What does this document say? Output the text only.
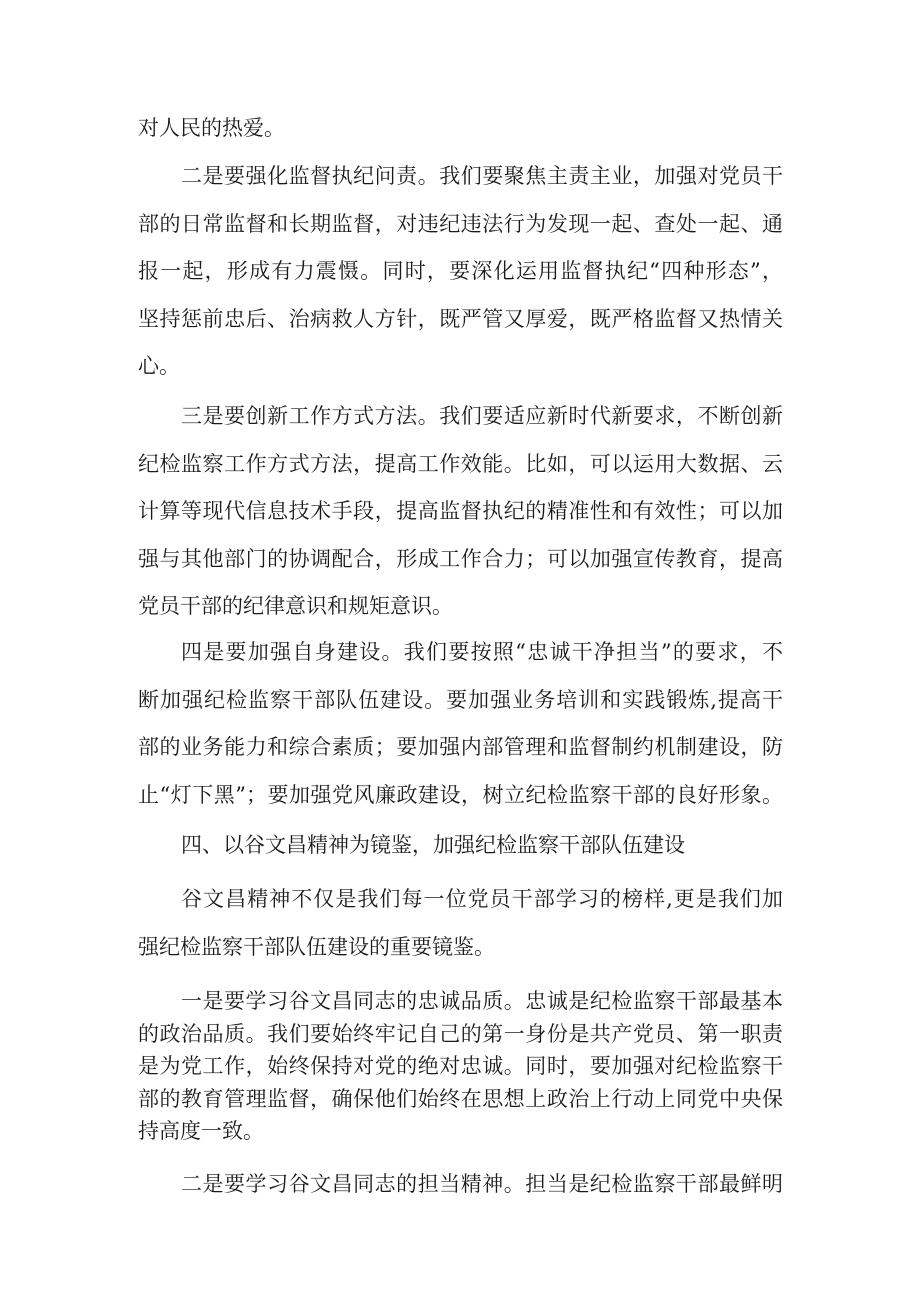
对人民的热爱。
二是要强化监督执纪问责。我们要聚焦主责主业，加强对党员干
部的日常监督和长期监督，对违纪违法行为发现一起、查处一起、通
报一起，形成有力震慑。同时，要深化运用监督执纪“四种形态”，
坚持惩前忠后、治病救人方针，既严管又厚爱，既严格监督又热情关
心。
三是要创新工作方式方法。我们要适应新时代新要求，不断创新
纪检监察工作方式方法，提高工作效能。比如，可以运用大数据、云
计算等现代信息技术手段，提高监督执纪的精准性和有效性；可以加
强与其他部门的协调配合，形成工作合力；可以加强宣传教育，提高
党员干部的纪律意识和规矩意识。
四是要加强自身建设。我们要按照“忠诚干净担当”的要求，不
断加强纪检监察干部队伍建设。要加强业务培训和实践锻炼,提高干
部的业务能力和综合素质；要加强内部管理和监督制约机制建设，防
止“灯下黑”；要加强党风廉政建设，树立纪检监察干部的良好形象。
四、以谷文昌精神为镜鉴，加强纪检监察干部队伍建设
谷文昌精神不仅是我们每一位党员干部学习的榜样,更是我们加
强纪检监察干部队伍建设的重要镜鉴。
一是要学习谷文昌同志的忠诚品质。忠诚是纪检监察干部最基本
的政治品质。我们要始终牢记自己的第一身份是共产党员、第一职责
是为党工作，始终保持对党的绝对忠诚。同时，要加强对纪检监察干
部的教育管理监督，确保他们始终在思想上政治上行动上同党中央保
持高度一致。
二是要学习谷文昌同志的担当精神。担当是纪检监察干部最鲜明
